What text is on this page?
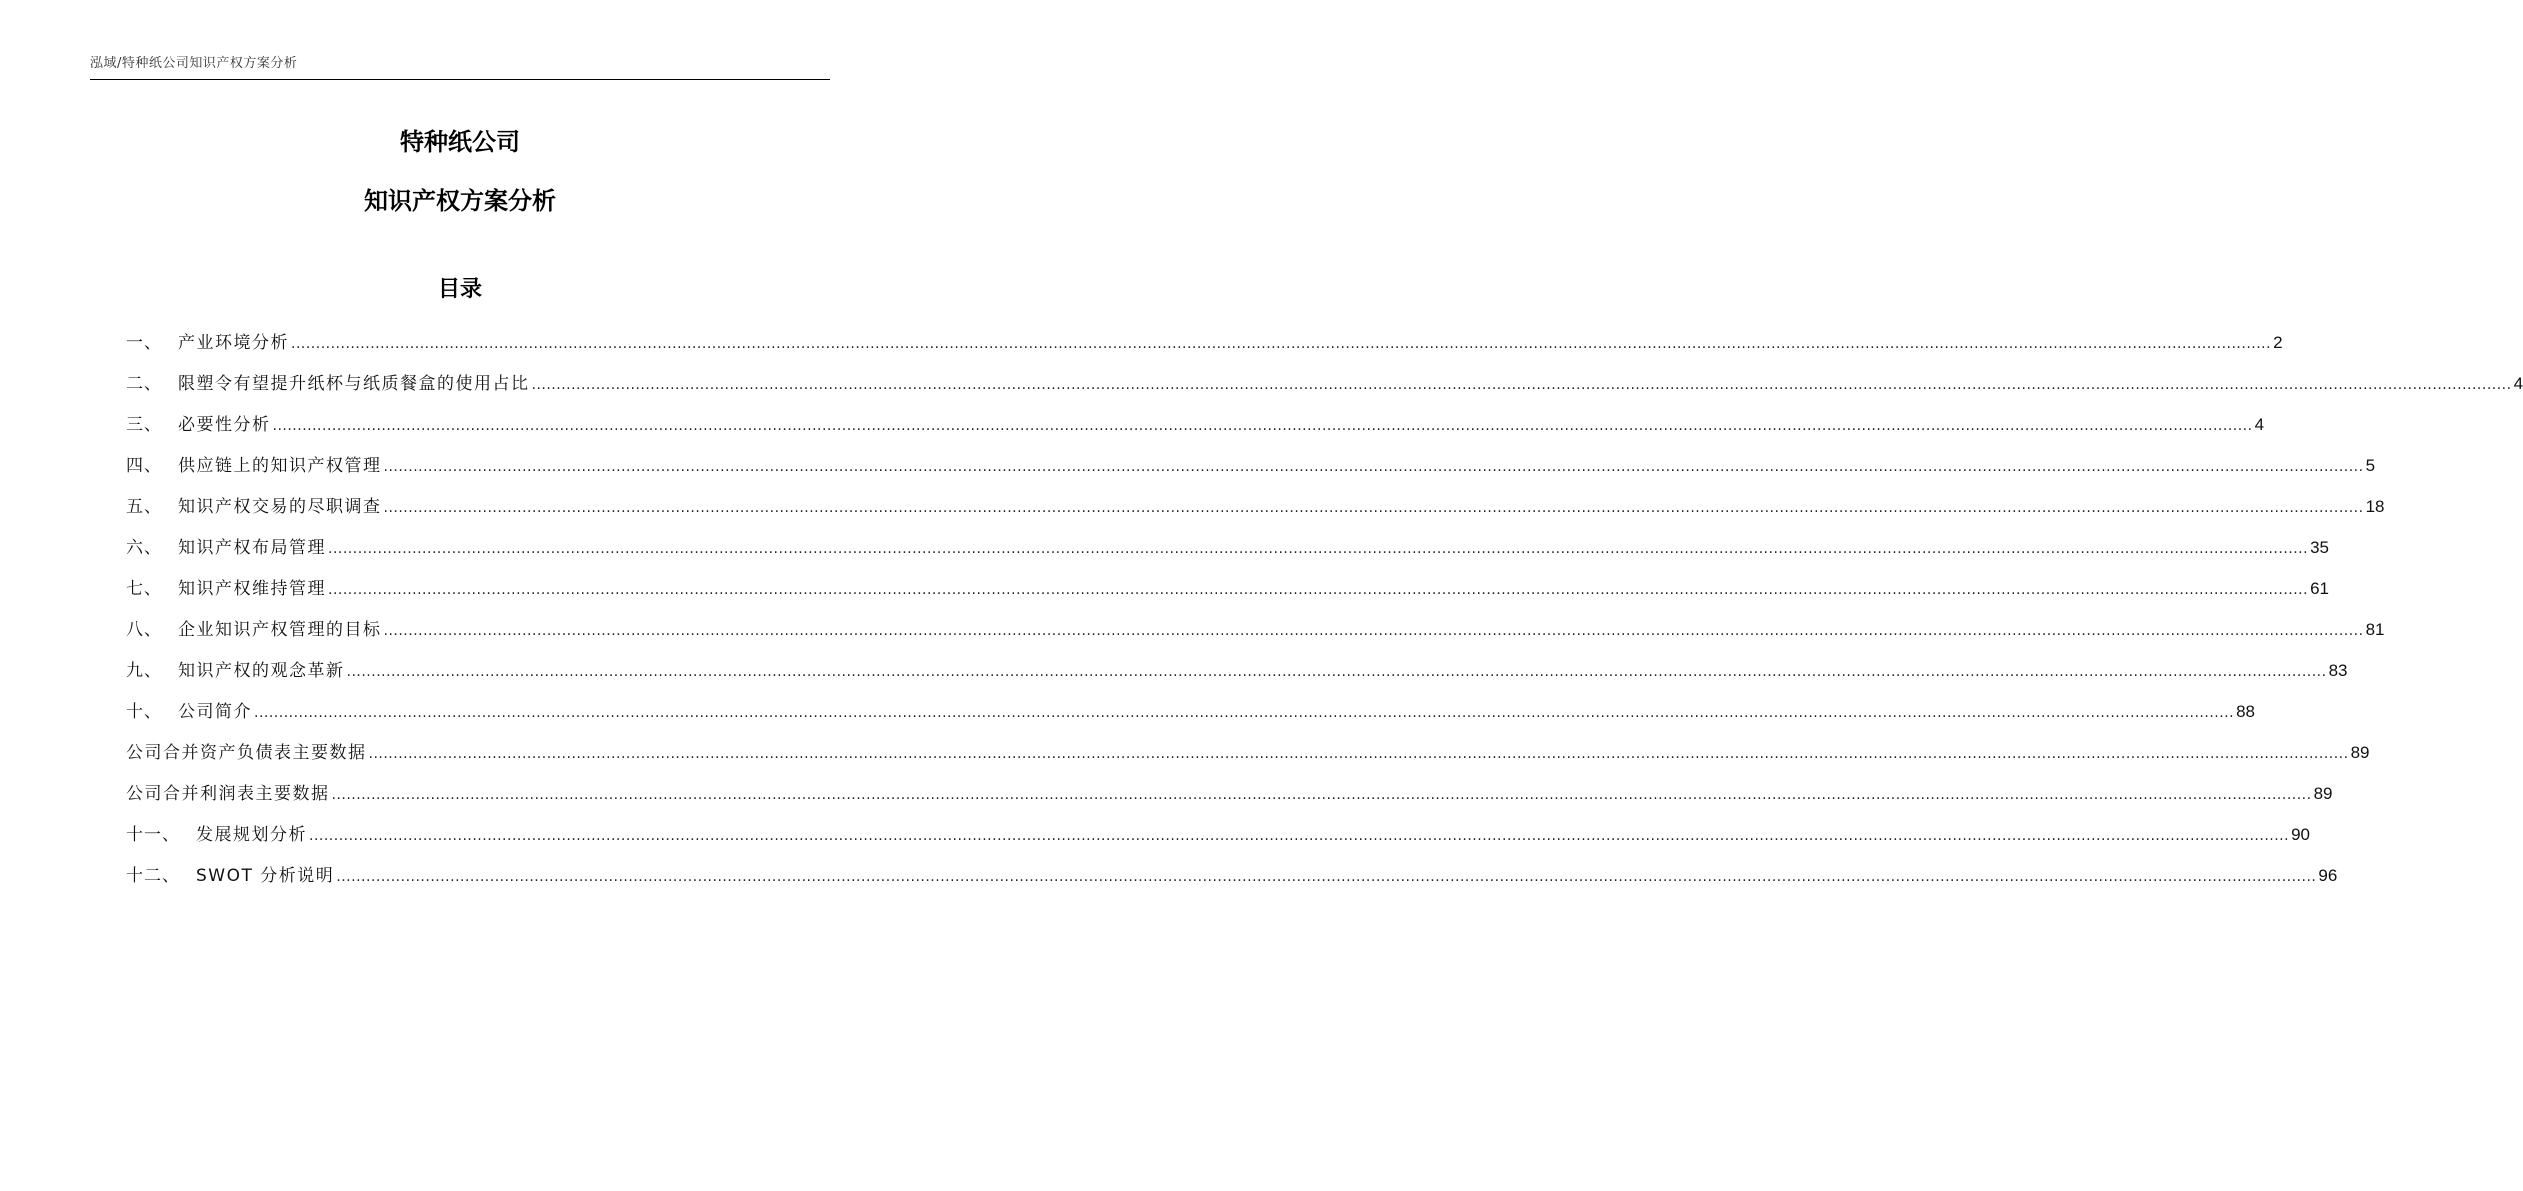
泓域/特种纸公司知识产权方案分析
特种纸公司
知识产权方案分析
目录
一、 产业环境分析 ................................................................................................................................................................................................................................................................................................................................................................................................................ 2
二、 限塑令有望提升纸杯与纸质餐盒的使用占比 ................................................................................................................................................................................................................................................................................................................................................................................................................ 4
三、 必要性分析 ................................................................................................................................................................................................................................................................................................................................................................................................................ 4
四、 供应链上的知识产权管理 ................................................................................................................................................................................................................................................................................................................................................................................................................ 5
五、 知识产权交易的尽职调查 ................................................................................................................................................................................................................................................................................................................................................................................................................ 18
六、 知识产权布局管理 ................................................................................................................................................................................................................................................................................................................................................................................................................ 35
七、 知识产权维持管理 ................................................................................................................................................................................................................................................................................................................................................................................................................ 61
八、 企业知识产权管理的目标 ................................................................................................................................................................................................................................................................................................................................................................................................................ 81
九、 知识产权的观念革新 ................................................................................................................................................................................................................................................................................................................................................................................................................ 83
十、 公司简介 ................................................................................................................................................................................................................................................................................................................................................................................................................ 88
公司合并资产负债表主要数据 ................................................................................................................................................................................................................................................................................................................................................................................................................ 89
公司合并利润表主要数据 ................................................................................................................................................................................................................................................................................................................................................................................................................ 89
十一、 发展规划分析 ................................................................................................................................................................................................................................................................................................................................................................................................................ 90
十二、 SWOT 分析说明 ................................................................................................................................................................................................................................................................................................................................................................................................................ 96
